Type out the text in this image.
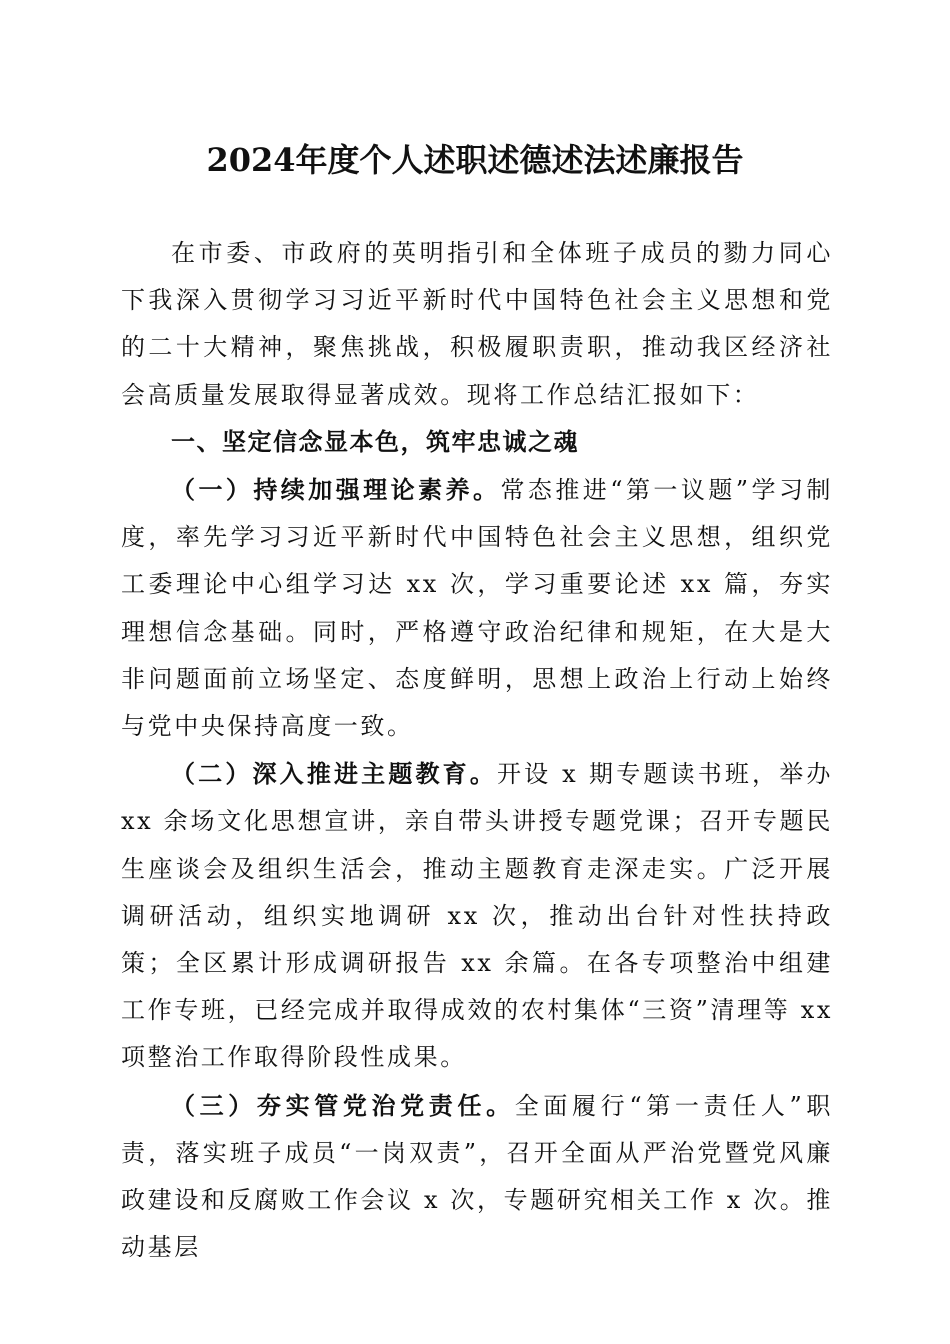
2024年度个人述职述德述法述廉报告

在市委、市政府的英明指引和全体班子成员的勠力同心下我深入贯彻学习习近平新时代中国特色社会主义思想和党的二十大精神，聚焦挑战，积极履职责职，推动我区经济社会高质量发展取得显著成效。现将工作总结汇报如下：

一、坚定信念显本色，筑牢忠诚之魂

（一）持续加强理论素养。常态推进“第一议题”学习制度，率先学习习近平新时代中国特色社会主义思想，组织党工委理论中心组学习达 xx 次，学习重要论述 xx 篇，夯实理想信念基础。同时，严格遵守政治纪律和规矩，在大是大非问题面前立场坚定、态度鲜明，思想上政治上行动上始终与党中央保持高度一致。

（二）深入推进主题教育。开设 x 期专题读书班，举办 xx 余场文化思想宣讲，亲自带头讲授专题党课；召开专题民生座谈会及组织生活会，推动主题教育走深走实。广泛开展调研活动，组织实地调研 xx 次，推动出台针对性扶持政策；全区累计形成调研报告 xx 余篇。在各专项整治中组建工作专班，已经完成并取得成效的农村集体“三资”清理等 xx 项整治工作取得阶段性成果。

（三）夯实管党治党责任。全面履行“第一责任人”职责，落实班子成员“一岗双责”，召开全面从严治党暨党风廉政建设和反腐败工作会议 x 次，专题研究相关工作 x 次。推动基层
